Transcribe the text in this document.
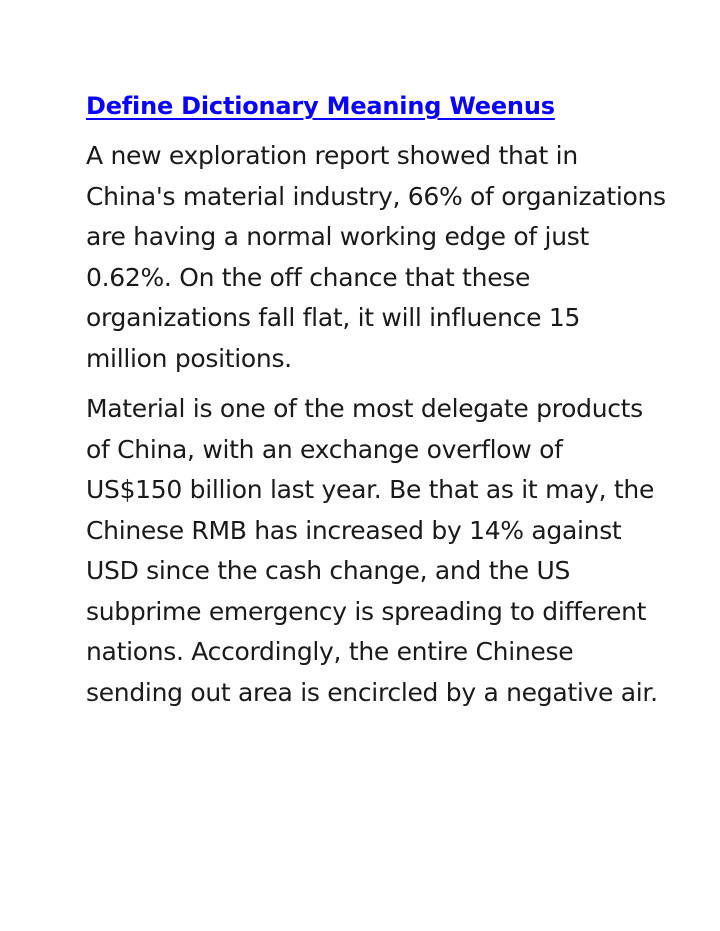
Define Dictionary Meaning Weenus

A new exploration report showed that in China's material industry, 66% of organizations are having a normal working edge of just 0.62%. On the off chance that these organizations fall flat, it will influence 15 million positions.

Material is one of the most delegate products of China, with an exchange overflow of US$150 billion last year. Be that as it may, the Chinese RMB has increased by 14% against USD since the cash change, and the US subprime emergency is spreading to different nations. Accordingly, the entire Chinese sending out area is encircled by a negative air.
